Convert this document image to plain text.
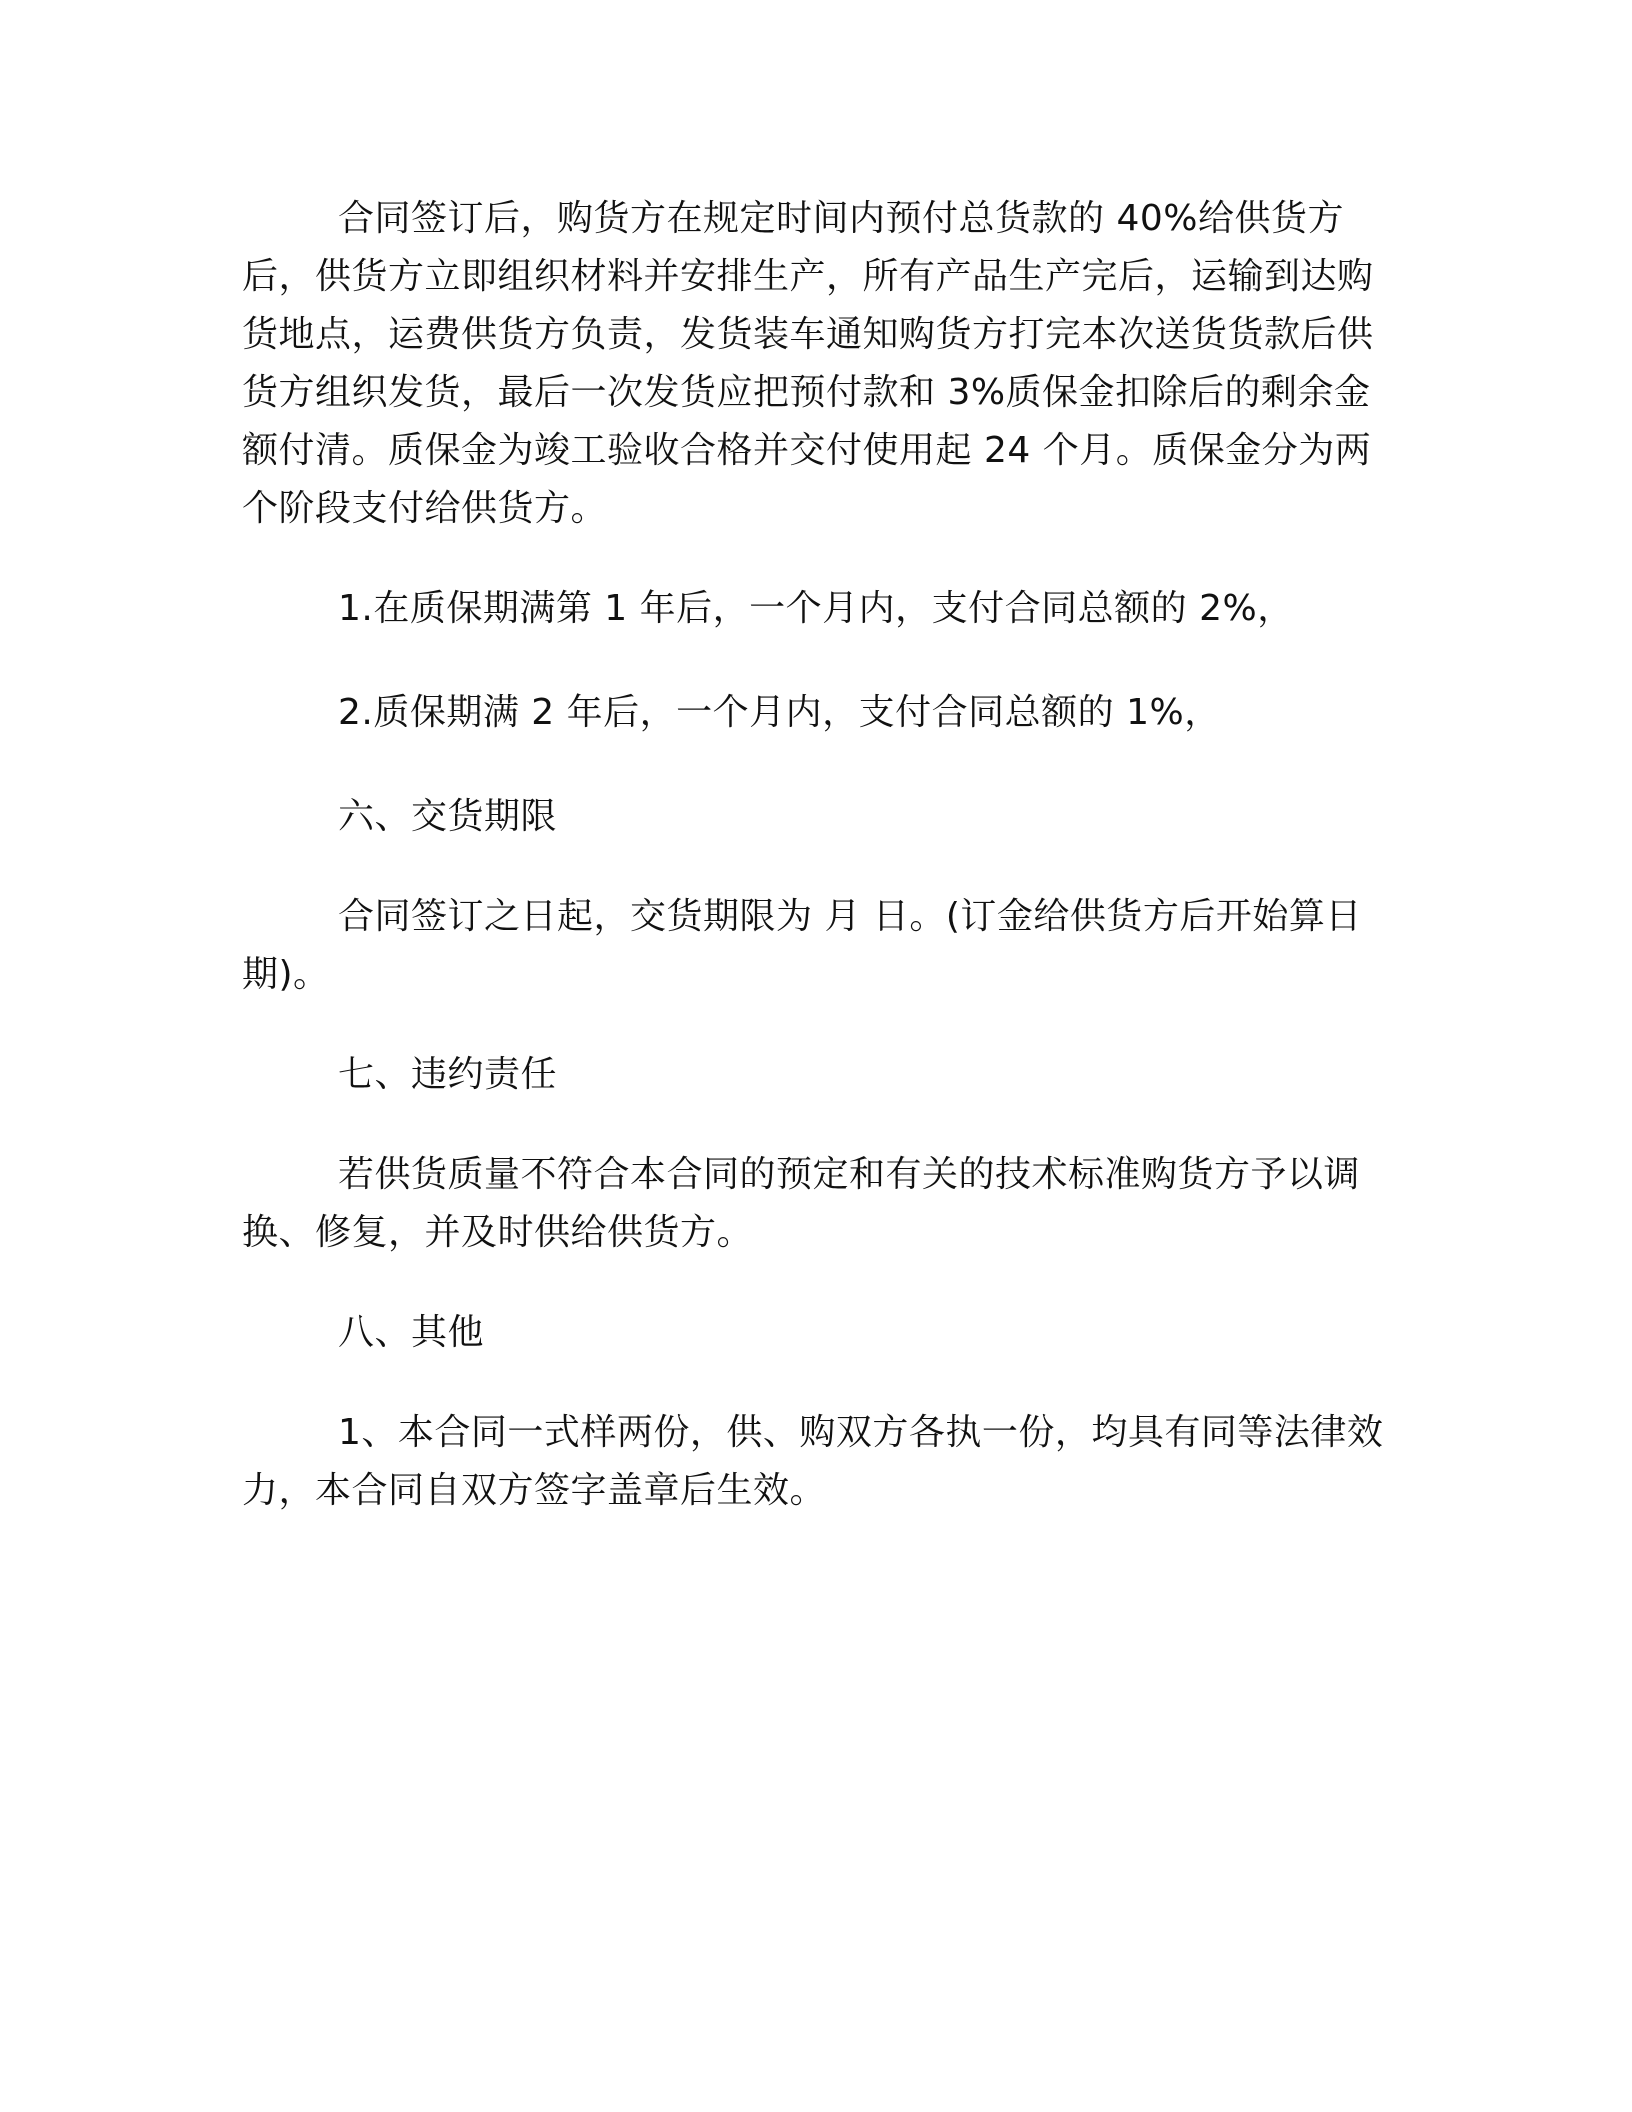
合同签订后，购货方在规定时间内预付总货款的 40%给供货方后，供货方立即组织材料并安排生产，所有产品生产完后，运输到达购货地点，运费供货方负责，发货装车通知购货方打完本次送货货款后供货方组织发货，最后一次发货应把预付款和 3%质保金扣除后的剩余金额付清。质保金为竣工验收合格并交付使用起 24 个月。质保金分为两个阶段支付给供货方。

1.在质保期满第 1 年后，一个月内，支付合同总额的 2%，

2.质保期满 2 年后，一个月内，支付合同总额的 1%，

六、交货期限

合同签订之日起，交货期限为 月 日。(订金给供货方后开始算日期)。

七、违约责任

若供货质量不符合本合同的预定和有关的技术标准购货方予以调换、修复，并及时供给供货方。

八、其他

1、本合同一式样两份，供、购双方各执一份，均具有同等法律效力，本合同自双方签字盖章后生效。
